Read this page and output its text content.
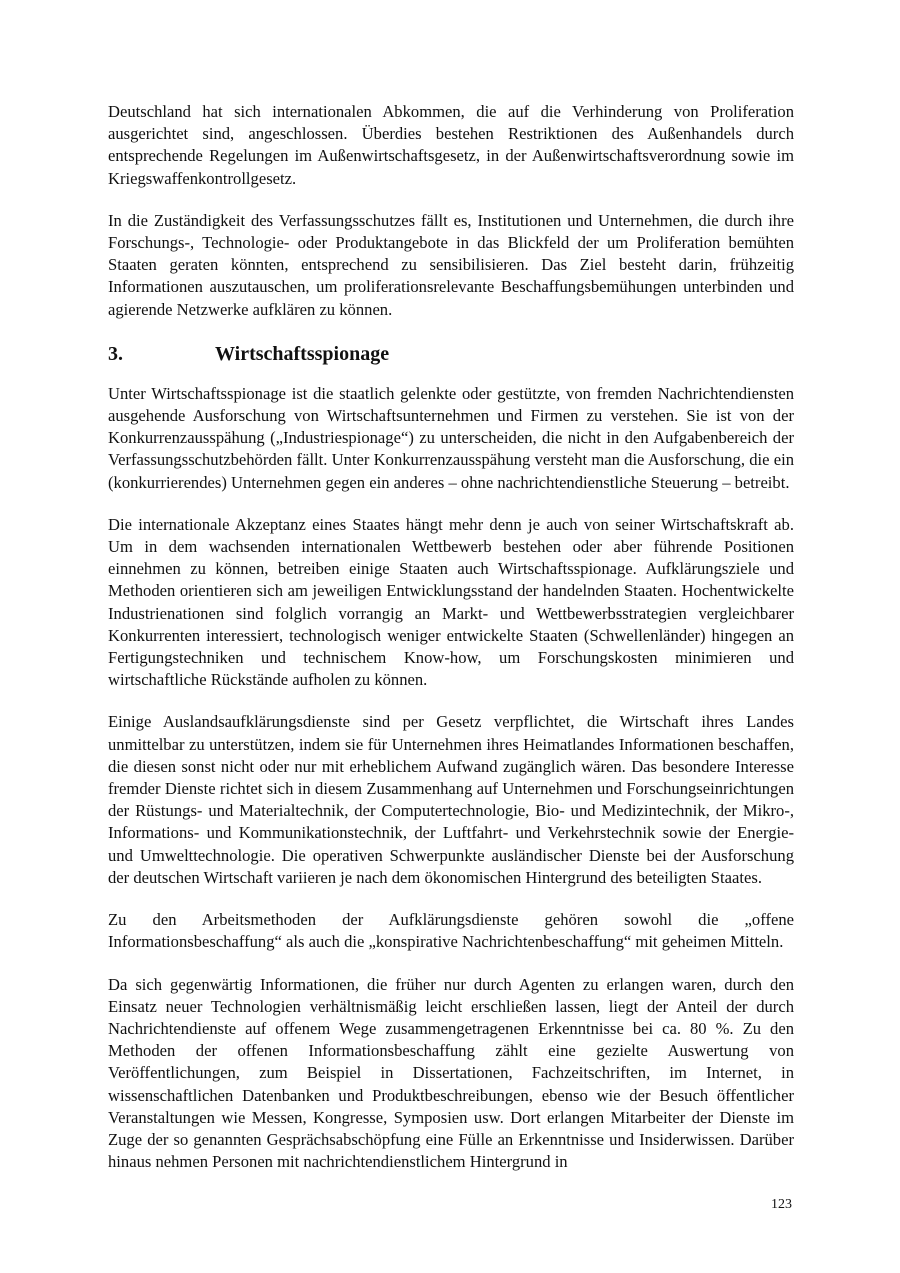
Deutschland hat sich internationalen Abkommen, die auf die Verhinderung von Proliferation ausgerichtet sind, angeschlossen. Überdies bestehen Restriktionen des Außenhandels durch entsprechende Regelungen im Außenwirtschaftsgesetz, in der Außenwirtschaftsverordnung sowie im Kriegswaffenkontrollgesetz.

In die Zuständigkeit des Verfassungsschutzes fällt es, Institutionen und Unternehmen, die durch ihre Forschungs-, Technologie- oder Produktangebote in das Blickfeld der um Proliferation bemühten Staaten geraten könnten, entsprechend zu sensibilisieren. Das Ziel besteht darin, frühzeitig Informationen auszutauschen, um proliferationsrelevante Beschaffungsbemühungen unterbinden und agierende Netzwerke aufklären zu können.

3.	Wirtschaftsspionage

Unter Wirtschaftsspionage ist die staatlich gelenkte oder gestützte, von fremden Nachrichtendiensten ausgehende Ausforschung von Wirtschaftsunternehmen und Firmen zu verstehen. Sie ist von der Konkurrenzausspähung („Industriespionage“) zu unterscheiden, die nicht in den Aufgabenbereich der Verfassungsschutzbehörden fällt. Unter Konkurrenzausspähung versteht man die Ausforschung, die ein (konkurrierendes) Unternehmen gegen ein anderes – ohne nachrichtendienstliche Steuerung – betreibt.

Die internationale Akzeptanz eines Staates hängt mehr denn je auch von seiner Wirtschaftskraft ab. Um in dem wachsenden internationalen Wettbewerb bestehen oder aber führende Positionen einnehmen zu können, betreiben einige Staaten auch Wirtschaftsspionage. Aufklärungsziele und Methoden orientieren sich am jeweiligen Entwicklungsstand der handelnden Staaten. Hochentwickelte Industrienationen sind folglich vorrangig an Markt- und Wettbewerbsstrategien vergleichbarer Konkurrenten interessiert, technologisch weniger entwickelte Staaten (Schwellenländer) hingegen an Fertigungstechniken und technischem Know-how, um Forschungskosten minimieren und wirtschaftliche Rückstände aufholen zu können.

Einige Auslandsaufklärungsdienste sind per Gesetz verpflichtet, die Wirtschaft ihres Landes unmittelbar zu unterstützen, indem sie für Unternehmen ihres Heimatlandes Informationen beschaffen, die diesen sonst nicht oder nur mit erheblichem Aufwand zugänglich wären. Das besondere Interesse fremder Dienste richtet sich in diesem Zusammenhang auf Unternehmen und Forschungseinrichtungen der Rüstungs- und Materialtechnik, der Computertechnologie, Bio- und Medizintechnik, der Mikro-, Informations- und Kommunikationstechnik, der Luftfahrt- und Verkehrstechnik sowie der Energie- und Umwelttechnologie. Die operativen Schwerpunkte ausländischer Dienste bei der Ausforschung der deutschen Wirtschaft variieren je nach dem ökonomischen Hintergrund des beteiligten Staates.

Zu den Arbeitsmethoden der Aufklärungsdienste gehören sowohl die „offene Informationsbeschaffung“ als auch die „konspirative Nachrichtenbeschaffung“ mit geheimen Mitteln.

Da sich gegenwärtig Informationen, die früher nur durch Agenten zu erlangen waren, durch den Einsatz neuer Technologien verhältnismäßig leicht erschließen lassen, liegt der Anteil der durch Nachrichtendienste auf offenem Wege zusammengetragenen Erkenntnisse bei ca. 80 %. Zu den Methoden der offenen Informationsbeschaffung zählt eine gezielte Auswertung von Veröffentlichungen, zum Beispiel in Dissertationen, Fachzeitschriften, im Internet, in wissenschaftlichen Datenbanken und Produktbeschreibungen, ebenso wie der Besuch öffentlicher Veranstaltungen wie Messen, Kongresse, Symposien usw. Dort erlangen Mitarbeiter der Dienste im Zuge der so genannten Gesprächsabschöpfung eine Fülle an Erkenntnisse und Insiderwissen. Darüber hinaus nehmen Personen mit nachrichtendienstlichem Hintergrund in

123
